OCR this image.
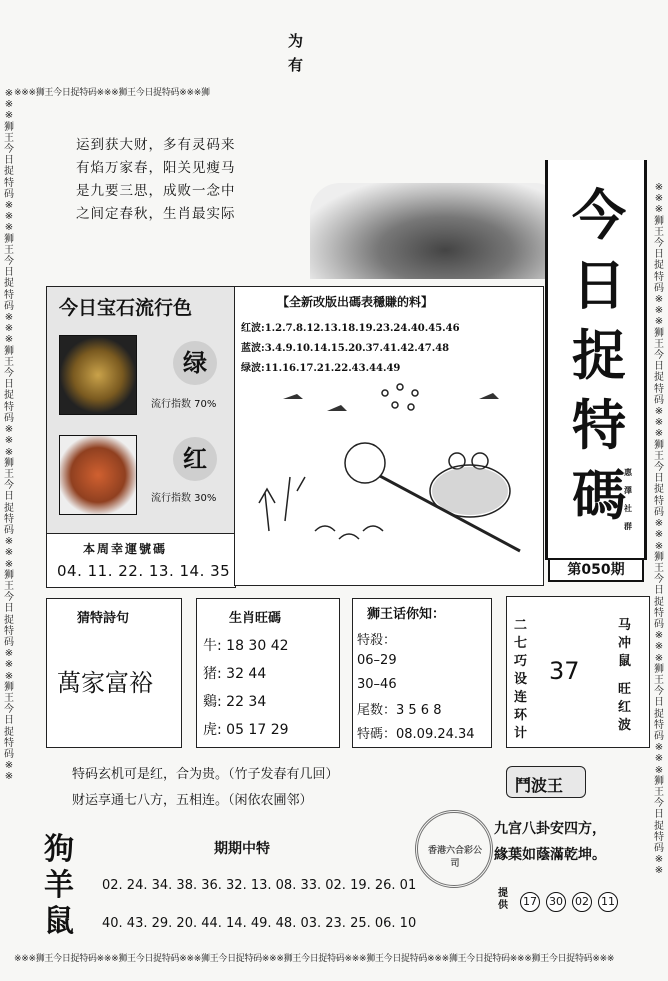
为
有
※※※狮王今日捉特码※※※狮王今日捉特码※※※狮
※※※狮王今日捉特码※※※狮王今日捉特码※※※狮王今日捉特码※※※狮王今日捉特码※※※狮王今日捉特码※※※狮王今日捉特码※※※狮王今日捉特码※※※
※※※狮王今日捉特码※※※狮王今日捉特码※※※狮王今日捉特码※※※狮王今日捉特码※※※狮王今日捉特码※※※狮王今日捉特码※※
※※※狮王今日捉特码※※※狮王今日捉特码※※※狮王今日捉特码※※※狮王今日捉特码※※※狮王今日捉特码※※※狮王今日捉特码※※
运到获大财，多有灵码来
有焰万家春，阳关见瘦马
是九要三思，成败一念中
之间定春秋，生肖最实际	今
日
捉
特
碼
惠
澤
社
群
第050期
今日宝石流行色
绿
流行指数 70%
红
流行指数 30%
本周幸運號碼
04. 11. 22. 13. 14. 35
【全新改版出碼表穩賺的料】
红波:1.2.7.8.12.13.18.19.23.24.40.45.46
蓝波:3.4.9.10.14.15.20.37.41.42.47.48
绿波:11.16.17.21.22.43.44.49
猜特詩句
萬家富裕
生肖旺碼
牛: 18 30 42
猪: 32 44
鷄: 22 34
虎: 05 17 29
狮王话你知：
特殺：
06–29
30–46
尾数：3 5 6 8
特碼：08.09.24.34
二七巧设连环计
马冲鼠
37
旺红波
特码玄机可是红，合为贵。（竹子发春有几回）
财运享通七八方，五相连。（闲依农圃邻）
鬥波王
九宫八卦安四方，
緣葉如蔭滿乾坤。
香港六合彩公司
提供	17 30 02 11
狗
羊
鼠
期期中特
02. 24. 34. 38. 36. 32. 13. 08. 33. 02. 19. 26. 01
40. 43. 29. 20. 44. 14. 49. 48. 03. 23. 25. 06. 10
